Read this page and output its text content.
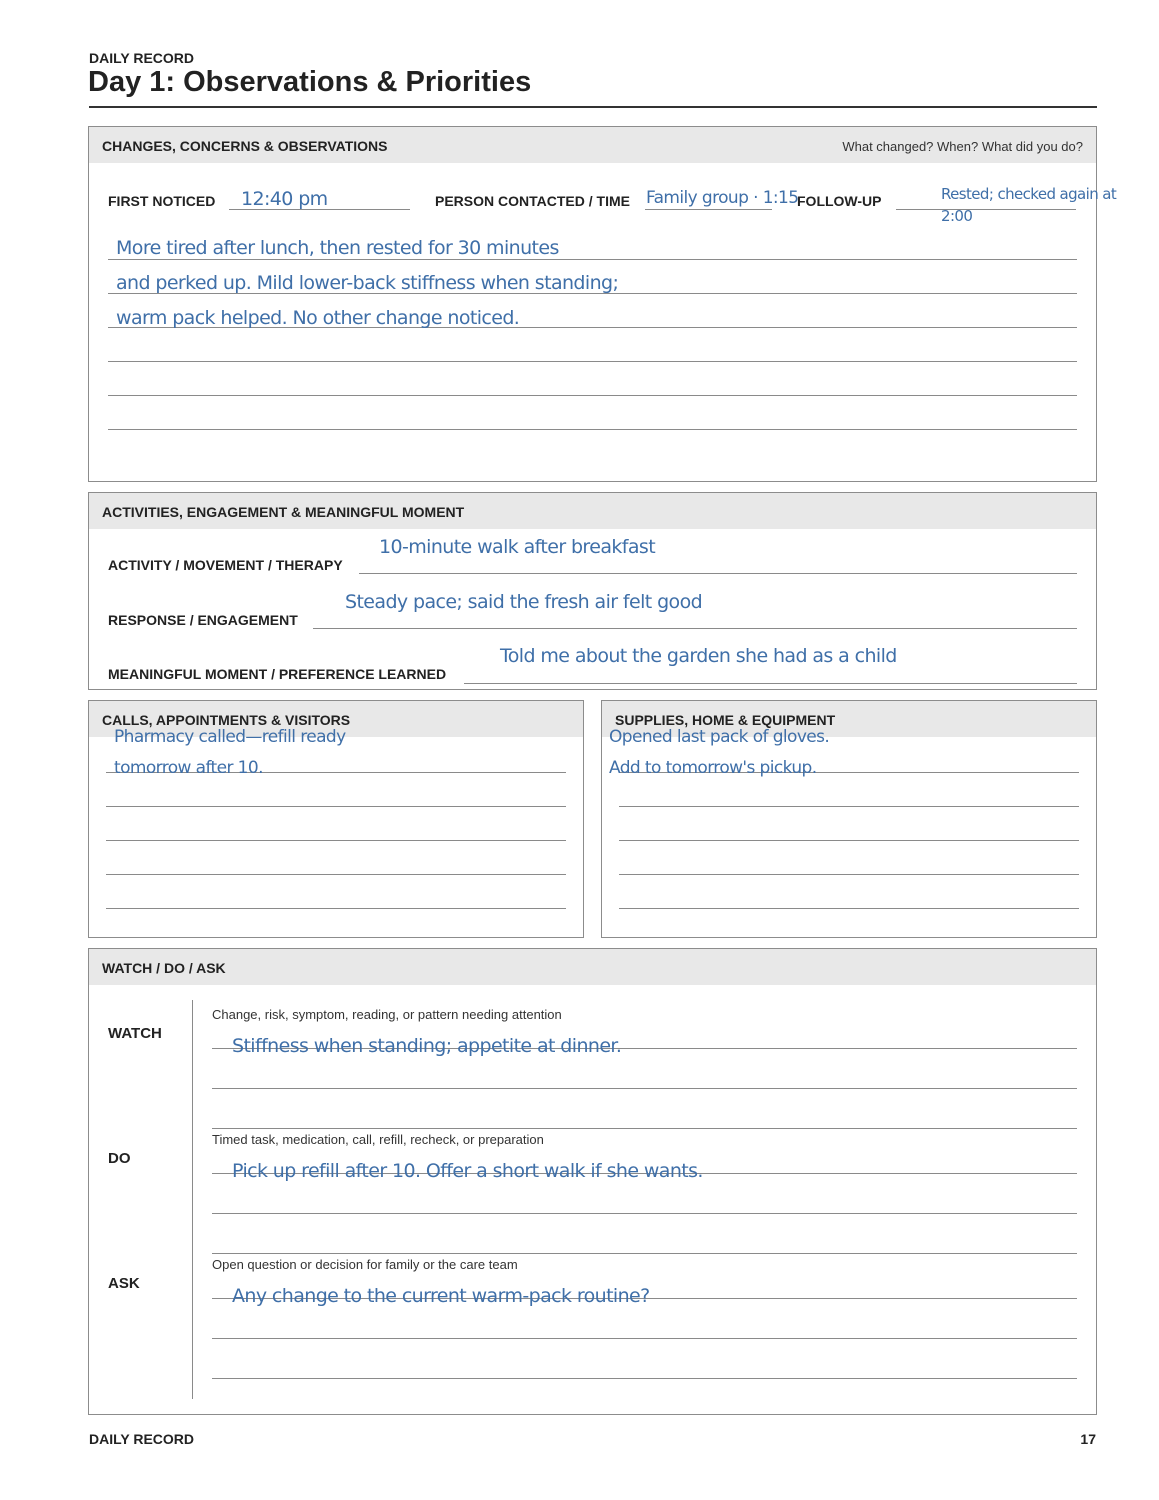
DAILY RECORD
Day 1: Observations & Priorities
CHANGES, CONCERNS & OBSERVATIONS	What changed? When? What did you do?
FIRST NOTICED 12:40 pm	PERSON CONTACTED / TIME Family group · 1:15
FOLLOW-UP	Rested; checked again at
2:00
More tired after lunch, then rested for 30 minutes
and perked up. Mild lower-back stiffness when standing;
warm pack helped. No other change noticed.
ACTIVITIES, ENGAGEMENT & MEANINGFUL MOMENT
ACTIVITY / MOVEMENT / THERAPY
10-minute walk after breakfast
RESPONSE / ENGAGEMENT
Steady pace; said the fresh air felt good
MEANINGFUL MOMENT / PREFERENCE LEARNED
Told me about the garden she had as a child
CALLS, APPOINTMENTS & VISITORS
Pharmacy called—refill ready
tomorrow after 10.
SUPPLIES, HOME & EQUIPMENT
Opened last pack of gloves.
Add to tomorrow's pickup.
WATCH / DO / ASK
WATCH
Change, risk, symptom, reading, or pattern needing attention
Stiffness when standing; appetite at dinner.
DO
Timed task, medication, call, refill, recheck, or preparation
Pick up refill after 10. Offer a short walk if she wants.
ASK
Open question or decision for family or the care team
Any change to the current warm-pack routine?
DAILY RECORD	17
